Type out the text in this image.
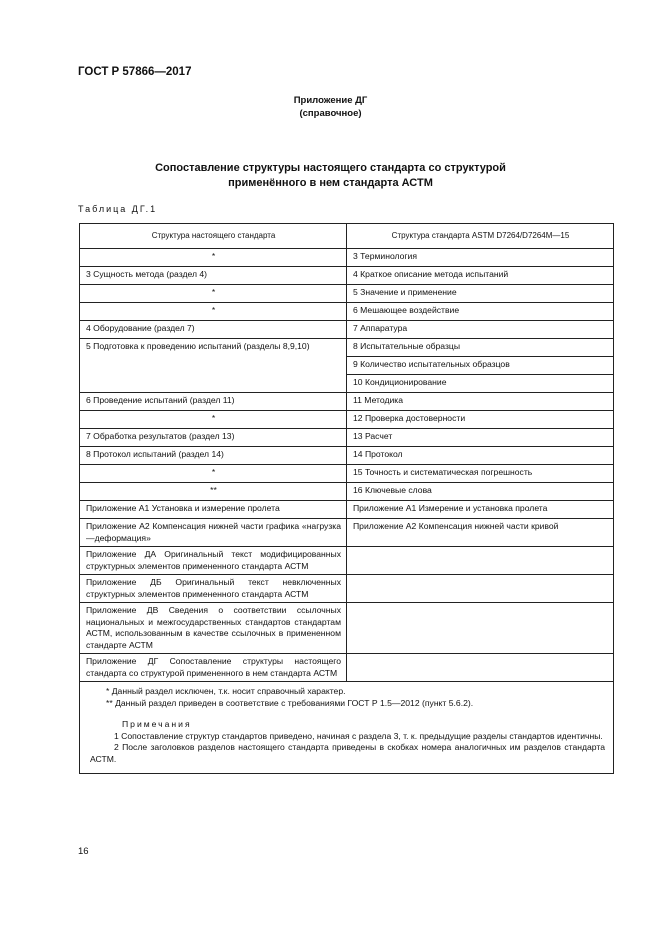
ГОСТ Р 57866—2017
Приложение ДГ
(справочное)
Сопоставление структуры настоящего стандарта со структурой
применённого в нем стандарта АСТМ
Таблица ДГ.1
Структура настоящего стандарта	Структура стандарта ASTM D7264/D7264M—15
*	3 Терминология
3 Сущность метода (раздел 4)	4 Краткое описание метода испытаний
*	5 Значение и применение
*	6 Мешающее воздействие
4 Оборудование (раздел 7)	7 Аппаратура
5 Подготовка к проведению испытаний (разделы 8,9,10)	8 Испытательные образцы
	9 Количество испытательных образцов
	10 Кондиционирование
6 Проведение испытаний (раздел 11)	11 Методика
*	12 Проверка достоверности
7 Обработка результатов (раздел 13)	13 Расчет
8 Протокол испытаний (раздел 14)	14 Протокол
*	15 Точность и систематическая погрешность
**	16 Ключевые слова
Приложение А1 Установка и измерение пролета	Приложение А1 Измерение и установка пролета
Приложение А2 Компенсация нижней части графика «нагрузка—деформация»	Приложение А2 Компенсация нижней части кривой
Приложение ДА Оригинальный текст модифицированных структурных элементов примененного стандарта АСТМ	
Приложение ДБ Оригинальный текст невключенных структурных элементов примененного стандарта АСТМ	
Приложение ДВ Сведения о соответствии ссылочных национальных и межгосударственных стандартов стандартам АСТМ, использованным в качестве ссылочных в примененном стандарте АСТМ	
Приложение ДГ Сопоставление структуры настоящего стандарта со структурой примененного в нем стандарта АСТМ	

* Данный раздел исключен, т.к. носит справочный характер.
** Данный раздел приведен в соответствие с требованиями ГОСТ Р 1.5—2012 (пункт 5.6.2).
Примечания
1 Сопоставление структур стандартов приведено, начиная с раздела 3, т. к. предыдущие разделы стандартов идентичны.
2 После заголовков разделов настоящего стандарта приведены в скобках номера аналогичных им разделов стандарта АСТМ.	
16
